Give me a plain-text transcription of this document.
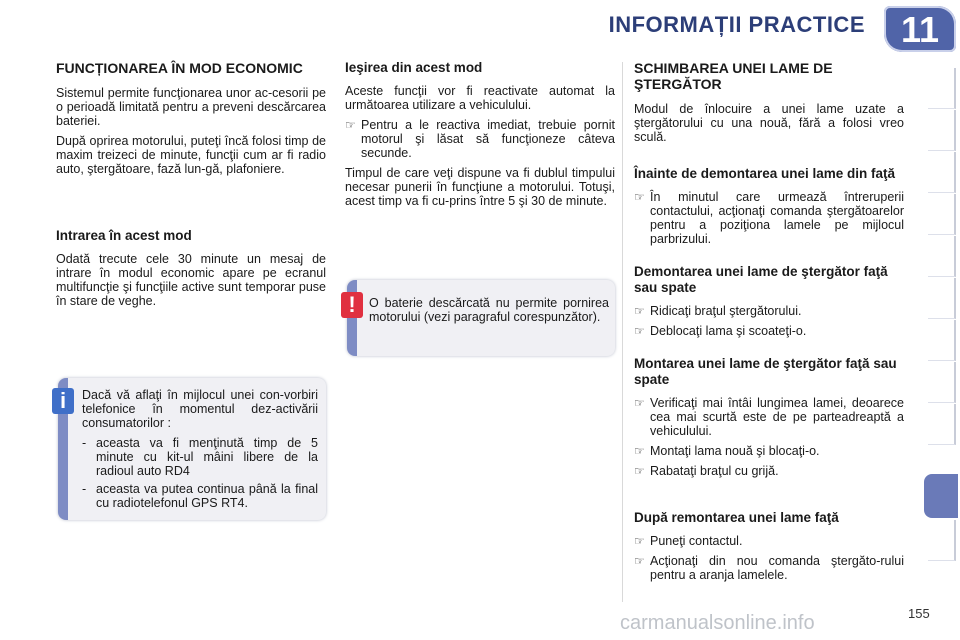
INFORMAȚII PRACTICE 11
FUNCȚIONAREA ÎN MOD ECONOMIC

Sistemul permite funcţionarea unor ac-cesorii pe o perioadă limitată pentru a preveni descărcarea bateriei.

După oprirea motorului, puteţi încă folosi timp de maxim treizeci de minute, funcţii cum ar fi radio auto, ştergătoare, fază lun-gă, plafoniere.

Intrarea în acest mod

Odată trecute cele 30 minute un mesaj de intrare în modul economic apare pe ecranul multifuncţie şi funcţiile active sunt temporar puse în stare de veghe.

i	Dacă vă aflaţi în mijlocul unei con-vorbiri telefonice în momentul dez-activării consumatorilor :

- aceasta va fi menţinută timp de 5 minute cu kit-ul mâini libere de la radioul auto RD4
- aceasta va putea continua până la final cu radiotelefonul GPS RT4.
Ieşirea din acest mod

Aceste funcţii vor fi reactivate automat la următoarea utilizare a vehiculului.

☞ Pentru a le reactiva imediat, trebuie pornit motorul şi lăsat să funcţioneze câteva secunde.

Timpul de care veţi dispune va fi dublul timpului necesar punerii în funcţiune a motorului. Totuşi, acest timp va fi cu-prins între 5 şi 30 de minute.

!	O baterie descărcată nu permite pornirea motorului (vezi paragraful corespunzător).

SCHIMBAREA UNEI LAME DE ŞTERGĂTOR

Modul de înlocuire a unei lame uzate a ştergătorului cu una nouă, fără a folosi vreo sculă.

Înainte de demontarea unei lame din faţă
☞ În minutul care urmează întreruperii contactului, acţionaţi comanda ştergătoarelor pentru a poziţiona lamele pe mijlocul parbrizului.
Demontarea unei lame de ştergător faţă sau spate
☞ Ridicaţi braţul ştergătorului.
☞ Deblocaţi lama şi scoateţi-o.
Montarea unei lame de ştergător faţă sau spate
☞ Verificaţi mai întâi lungimea lamei, deoarece cea mai scurtă este de pe parteadreaptă a vehiculului.
☞ Montaţi lama nouă şi blocaţi-o.
☞ Rabataţi braţul cu grijă.
După remontarea unei lame faţă
☞ Puneţi contactul.
☞ Acţionaţi din nou comanda ştergăto-rului pentru a aranja lamelele.
carmanualsonline.info	155
